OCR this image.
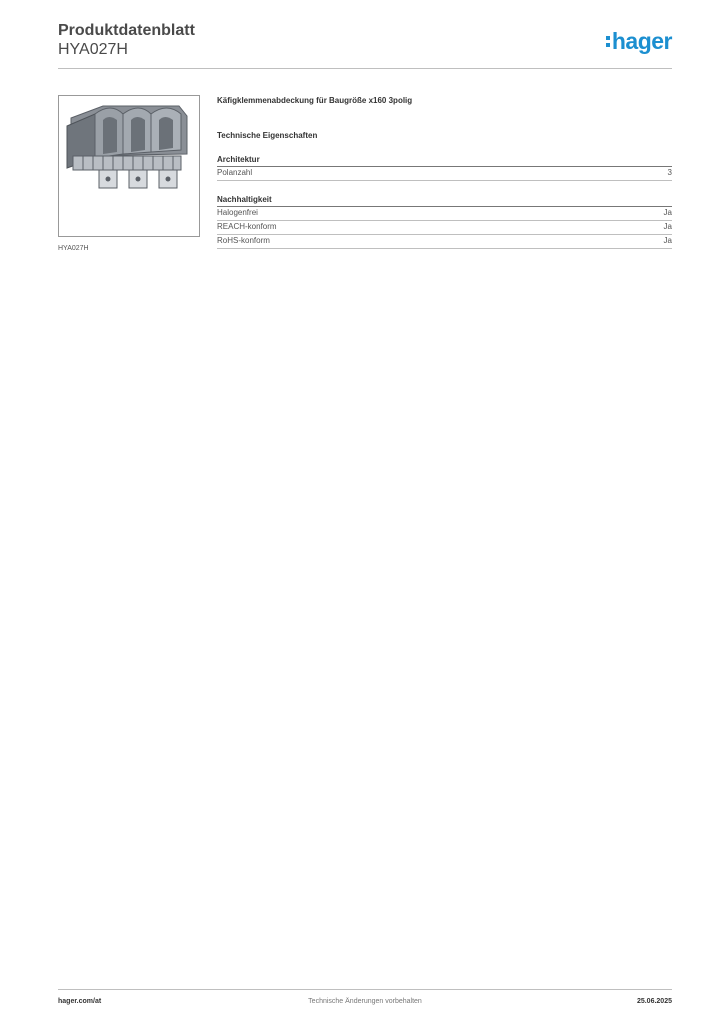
Produktdatenblatt
HYA027H	hager
HYA027H
Käfigklemmenabdeckung für Baugröße x160 3polig
Technische Eigenschaften
Architektur
Polanzahl	3
Nachhaltigkeit
Halogenfrei	Ja
REACH-konform	Ja
RoHS-konform	Ja
hager.com/at	Technische Änderungen vorbehalten	25.06.2025
